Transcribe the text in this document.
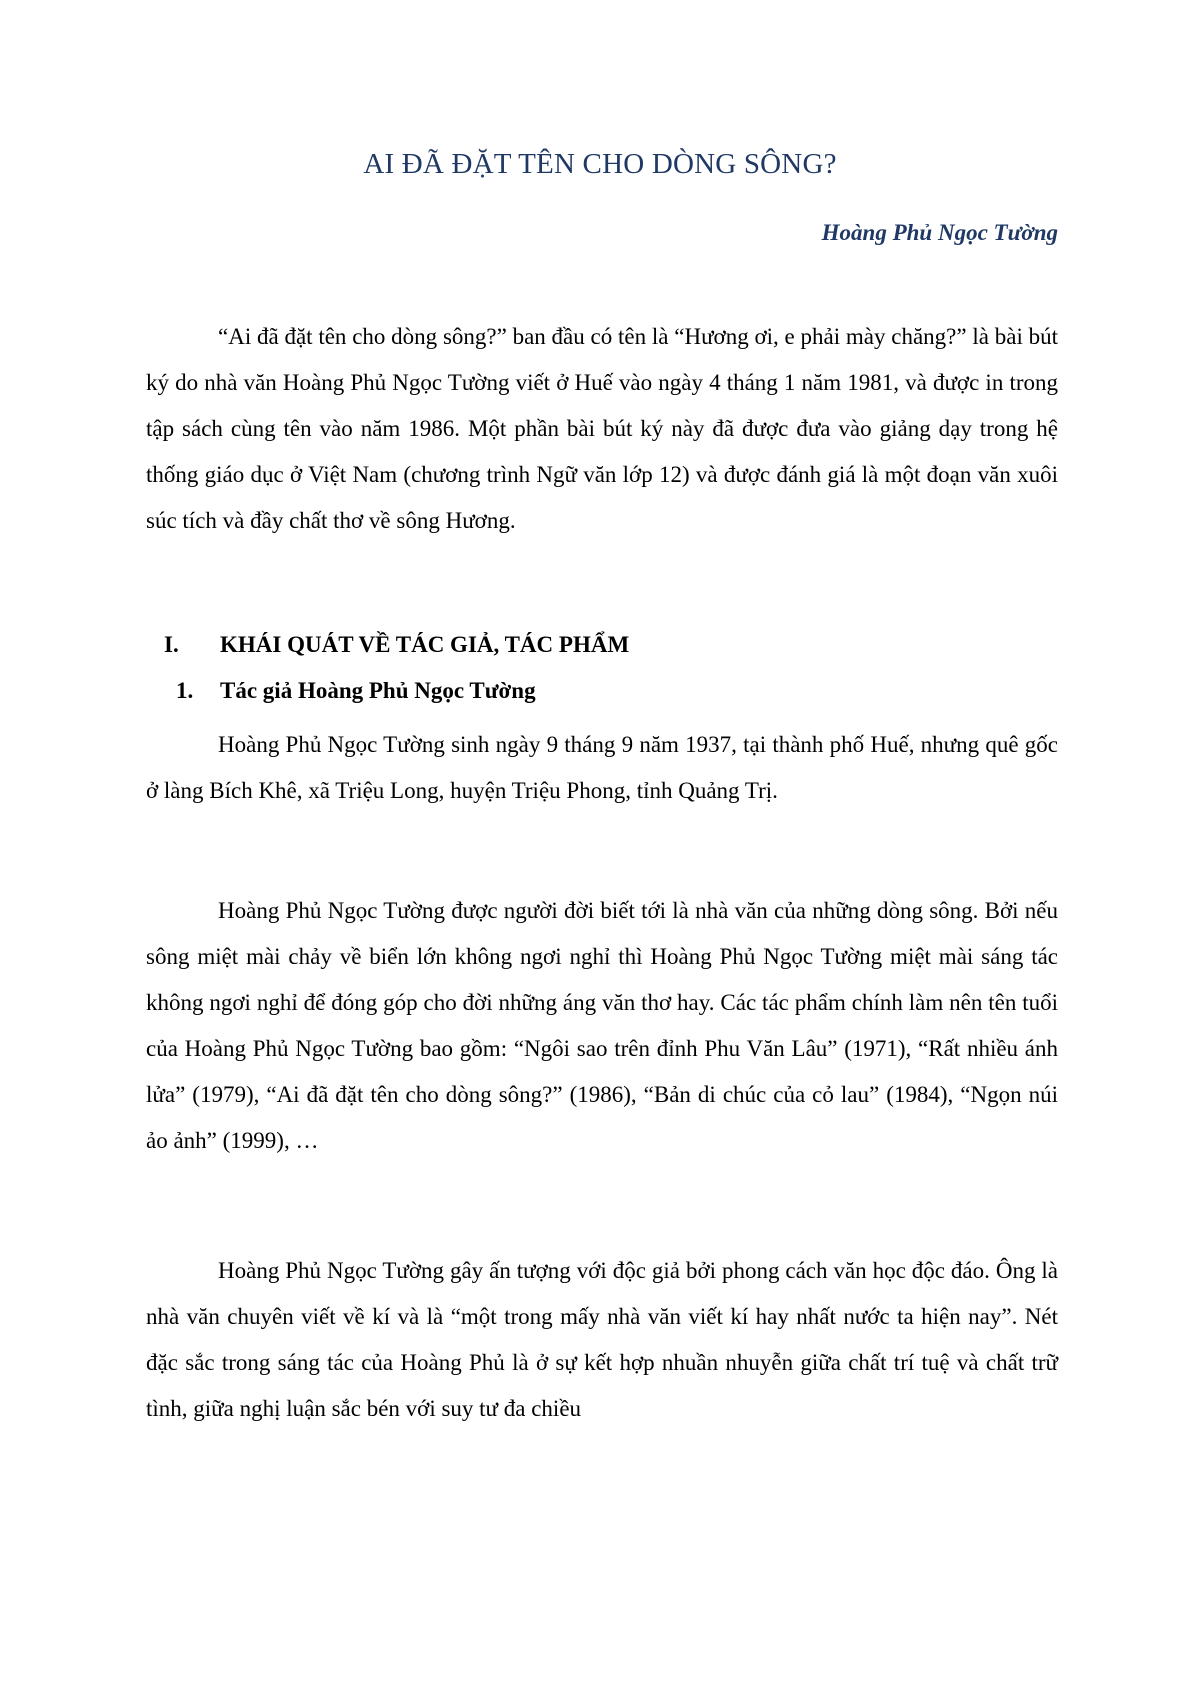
AI ĐÃ ĐẶT TÊN CHO DÒNG SÔNG?
Hoàng Phủ Ngọc Tường

“Ai đã đặt tên cho dòng sông?” ban đầu có tên là “Hương ơi, e phải mày chăng?” là bài bút ký do nhà văn Hoàng Phủ Ngọc Tường viết ở Huế vào ngày 4 tháng 1 năm 1981, và được in trong tập sách cùng tên vào năm 1986. Một phần bài bút ký này đã được đưa vào giảng dạy trong hệ thống giáo dục ở Việt Nam (chương trình Ngữ văn lớp 12) và được đánh giá là một đoạn văn xuôi súc tích và đầy chất thơ về sông Hương.

I. KHÁI QUÁT VỀ TÁC GIẢ, TÁC PHẨM
1. Tác giả Hoàng Phủ Ngọc Tường

Hoàng Phủ Ngọc Tường sinh ngày 9 tháng 9 năm 1937, tại thành phố Huế, nhưng quê gốc ở làng Bích Khê, xã Triệu Long, huyện Triệu Phong, tỉnh Quảng Trị.

Hoàng Phủ Ngọc Tường được người đời biết tới là nhà văn của những dòng sông. Bởi nếu sông miệt mài chảy về biển lớn không ngơi nghỉ thì Hoàng Phủ Ngọc Tường miệt mài sáng tác không ngơi nghỉ để đóng góp cho đời những áng văn thơ hay. Các tác phẩm chính làm nên tên tuổi của Hoàng Phủ Ngọc Tường bao gồm: “Ngôi sao trên đỉnh Phu Văn Lâu” (1971), “Rất nhiều ánh lửa” (1979), “Ai đã đặt tên cho dòng sông?” (1986), “Bản di chúc của cỏ lau” (1984), “Ngọn núi ảo ảnh” (1999), …

Hoàng Phủ Ngọc Tường gây ấn tượng với độc giả bởi phong cách văn học độc đáo. Ông là nhà văn chuyên viết về kí và là “một trong mấy nhà văn viết kí hay nhất nước ta hiện nay”. Nét đặc sắc trong sáng tác của Hoàng Phủ là ở sự kết hợp nhuần nhuyễn giữa chất trí tuệ và chất trữ tình, giữa nghị luận sắc bén với suy tư đa chiều
